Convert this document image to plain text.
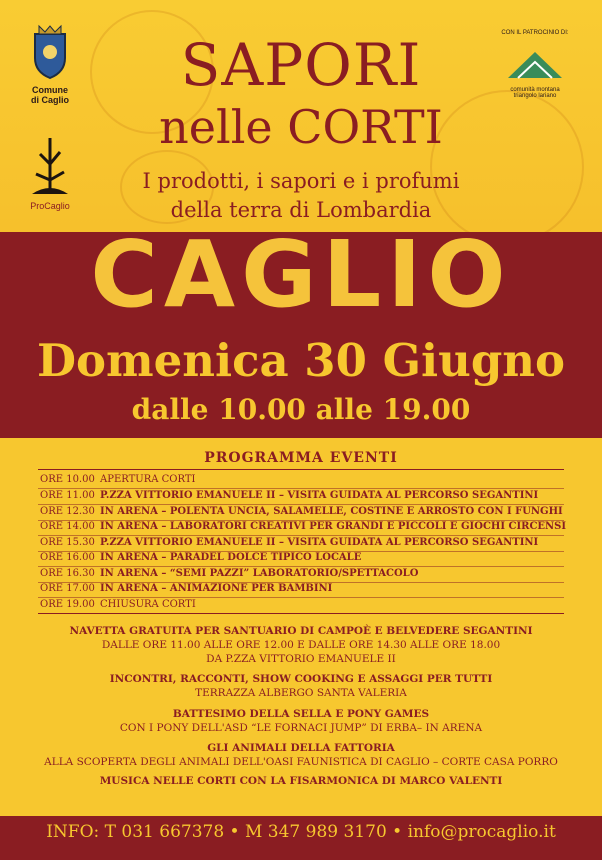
Comune
di Caglio
ProCaglio
CON IL PATROCINIO DI:
comunità montana
triangolo lariano
SAPORI
nelle CORTI
I prodotti, i sapori e i profumi
della terra di Lombardia
CAGLIO
Domenica 30 Giugno
dalle 10.00 alle 19.00
PROGRAMMA EVENTI
ORE 10.00 APERTURA CORTI
ORE 11.00 P.ZZA VITTORIO EMANUELE II – VISITA GUIDATA AL PERCORSO SEGANTINI
ORE 12.30 IN ARENA – POLENTA UNCIA, SALAMELLE, COSTINE E ARROSTO CON I FUNGHI
ORE 14.00 IN ARENA – LABORATORI CREATIVI PER GRANDI E PICCOLI E GIOCHI CIRCENSI
ORE 15.30 P.ZZA VITTORIO EMANUELE II – VISITA GUIDATA AL PERCORSO SEGANTINI
ORE 16.00 IN ARENA – PARADEL DOLCE TIPICO LOCALE
ORE 16.30 IN ARENA – “SEMI PAZZI” LABORATORIO/SPETTACOLO
ORE 17.00 IN ARENA – ANIMAZIONE PER BAMBINI
ORE 19.00 CHIUSURA CORTI
NAVETTA GRATUITA PER SANTUARIO DI CAMPOÈ E BELVEDERE SEGANTINI
DALLE ORE 11.00 ALLE ORE 12.00 E DALLE ORE 14.30 ALLE ORE 18.00
DA P.ZZA VITTORIO EMANUELE II
INCONTRI, RACCONTI, SHOW COOKING E ASSAGGI PER TUTTI
TERRAZZA ALBERGO SANTA VALERIA
BATTESIMO DELLA SELLA E PONY GAMES
CON I PONY DELL'ASD “LE FORNACI JUMP” DI ERBA– IN ARENA
GLI ANIMALI DELLA FATTORIA
ALLA SCOPERTA DEGLI ANIMALI DELL'OASI FAUNISTICA DI CAGLIO – CORTE CASA PORRO
MUSICA NELLE CORTI CON LA FISARMONICA DI MARCO VALENTI
INFO: T 031 667378 • M 347 989 3170 • info@procaglio.it
